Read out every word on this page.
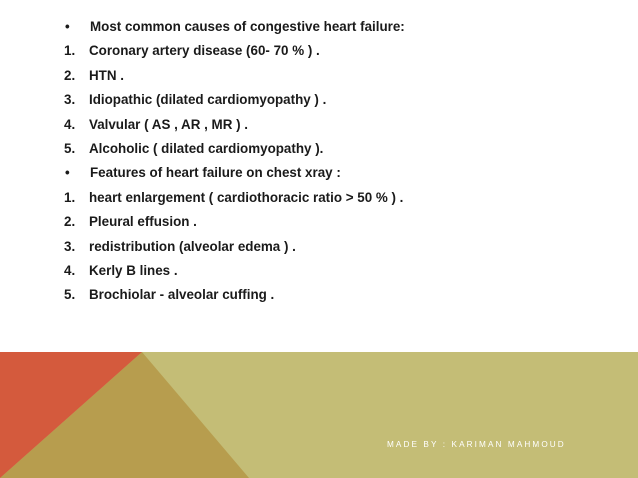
•	Most common causes of congestive heart failure:
1.	Coronary artery disease (60- 70 % ) .
2.	HTN .
3.	Idiopathic (dilated cardiomyopathy ) .
4.	Valvular ( AS , AR , MR ) .
5.	Alcoholic ( dilated cardiomyopathy ).
•	Features of heart failure on chest xray :
1.	heart enlargement ( cardiothoracic ratio > 50 % ) .
2.	Pleural effusion .
3.	redistribution (alveolar edema ) .
4.	Kerly B lines .
5.	Brochiolar - alveolar cuffing .
MADE BY : KARIMAN MAHMOUD
